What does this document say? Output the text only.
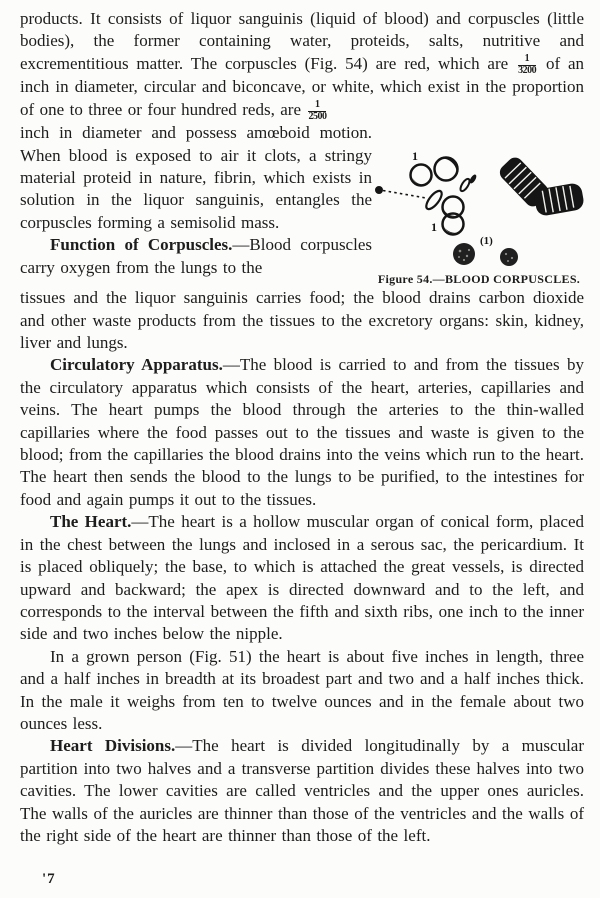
products. It consists of liquor sanguinis (liquid of blood) and corpuscles (little bodies), the former containing water, proteids, salts, nutritive and excrementitious matter. The corpuscles (Fig. 54) are red, which are $\frac{1}{3200}$ of an inch in diameter, circular and biconcave, or white, which exist in the proportion of one to three or four hundred reds, are $\frac{1}{2500}$

inch in diameter and possess amœboid motion. When blood is exposed to air it clots, a stringy material proteid in nature, fibrin, which exists in solution in the liquor sanguinis, entangles the corpuscles forming a semisolid mass.

Function of Corpuscles.—Blood corpuscles carry oxygen from the lungs to the

1
1
(1)
Figure 54.—BLOOD CORPUSCLES.

tissues and the liquor sanguinis carries food; the blood drains carbon dioxide and other waste products from the tissues to the excretory organs: skin, kidney, liver and lungs.

Circulatory Apparatus.—The blood is carried to and from the tissues by the circulatory apparatus which consists of the heart, arteries, capillaries and veins. The heart pumps the blood through the arteries to the thin-walled capillaries where the food passes out to the tissues and waste is given to the blood; from the capillaries the blood drains into the veins which run to the heart. The heart then sends the blood to the lungs to be purified, to the intestines for food and again pumps it out to the tissues.

The Heart.—The heart is a hollow muscular organ of conical form, placed in the chest between the lungs and inclosed in a serous sac, the pericardium. It is placed obliquely; the base, to which is attached the great vessels, is directed upward and backward; the apex is directed downward and to the left, and corresponds to the interval between the fifth and sixth ribs, one inch to the inner side and two inches below the nipple.

In a grown person (Fig. 51) the heart is about five inches in length, three and a half inches in breadth at its broadest part and two and a half inches thick. In the male it weighs from ten to twelve ounces and in the female about two ounces less.

Heart Divisions.—The heart is divided longitudinally by a muscular partition into two halves and a transverse partition divides these halves into two cavities. The lower cavities are called ventricles and the upper ones auricles. The walls of the auricles are thinner than those of the ventricles and the walls of the right side of the heart are thinner than those of the left.

'7
